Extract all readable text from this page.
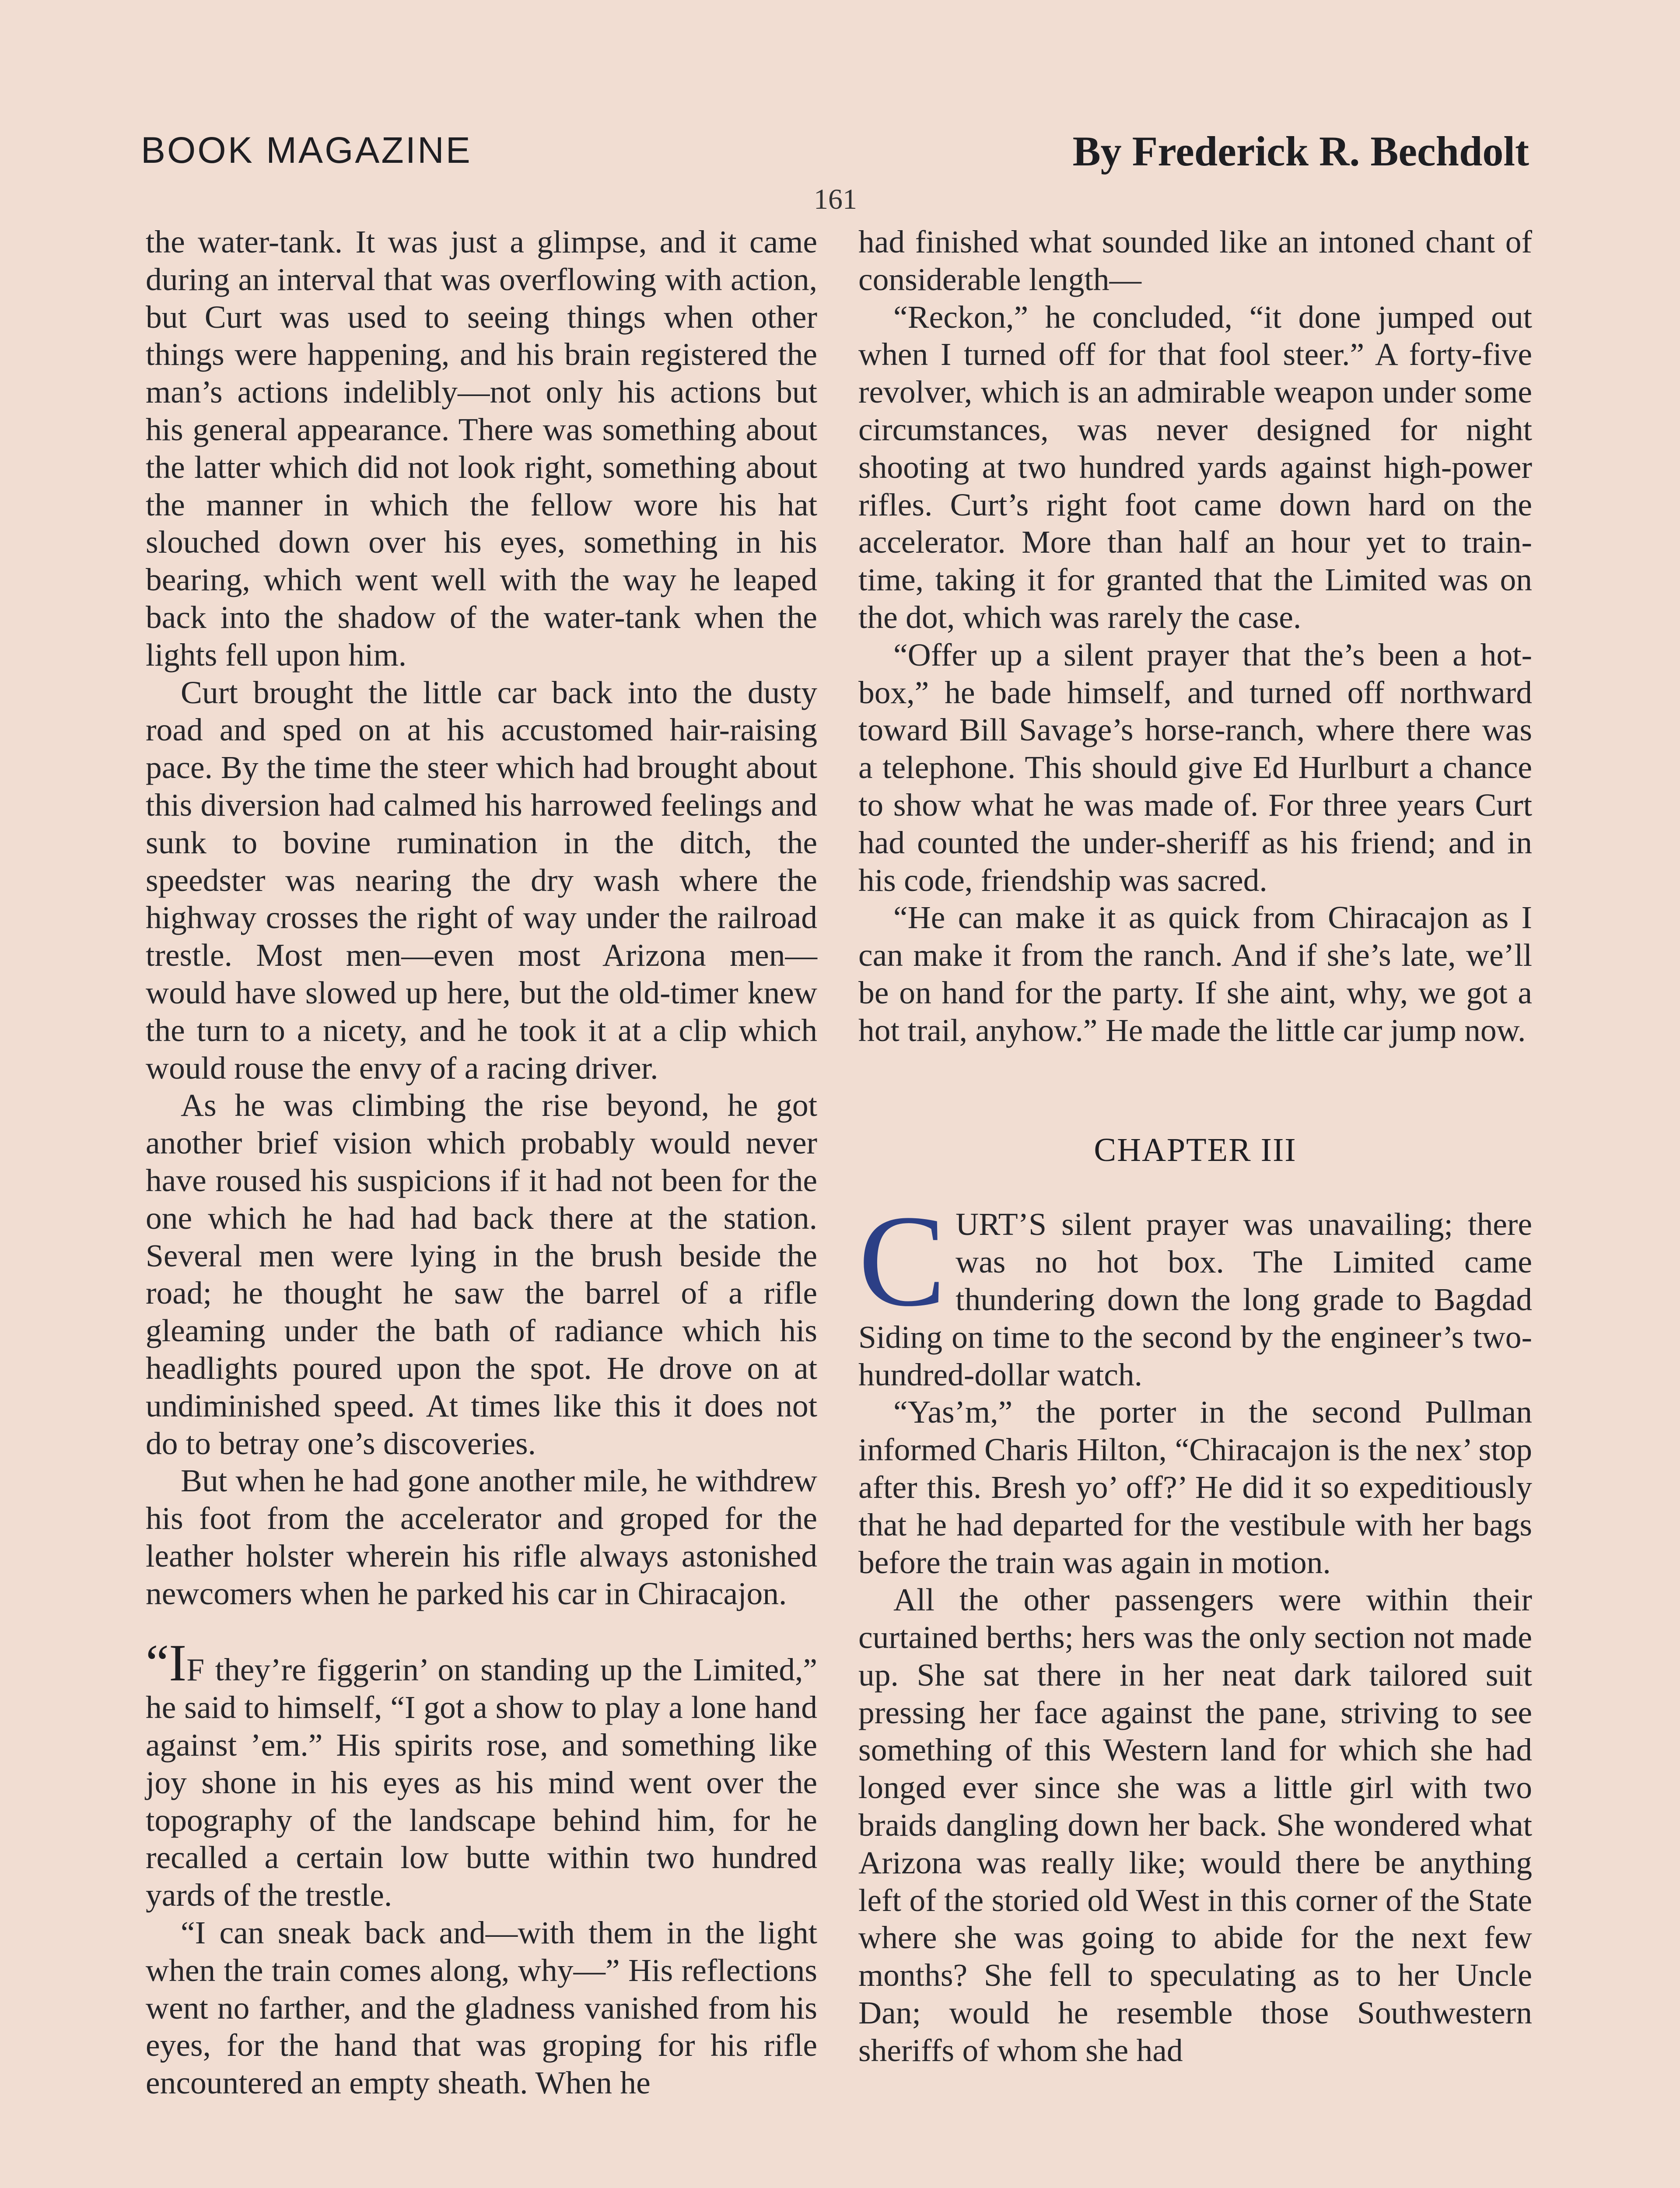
BOOK MAGAZINE	By Frederick R. Bechdolt
161

the water-tank. It was just a glimpse, and it came during an interval that was overflowing with action, but Curt was used to seeing things when other things were happening, and his brain registered the man’s actions indelibly—not only his actions but his general appearance. There was something about the latter which did not look right, something about the manner in which the fellow wore his hat slouched down over his eyes, something in his bearing, which went well with the way he leaped back into the shadow of the water-tank when the lights fell upon him.

Curt brought the little car back into the dusty road and sped on at his accustomed hair-raising pace. By the time the steer which had brought about this diversion had calmed his harrowed feelings and sunk to bovine rumination in the ditch, the speedster was nearing the dry wash where the highway crosses the right of way under the railroad trestle. Most men—even most Arizona men—would have slowed up here, but the old-timer knew the turn to a nicety, and he took it at a clip which would rouse the envy of a racing driver.

As he was climbing the rise beyond, he got another brief vision which probably would never have roused his suspicions if it had not been for the one which he had had back there at the station. Several men were lying in the brush beside the road; he thought he saw the barrel of a rifle gleaming under the bath of radiance which his headlights poured upon the spot. He drove on at undiminished speed. At times like this it does not do to betray one’s discoveries.

But when he had gone another mile, he withdrew his foot from the accelerator and groped for the leather holster wherein his rifle always astonished newcomers when he parked his car in Chiracajon.

“IF they’re figgerin’ on standing up the Limited,” he said to himself, “I got a show to play a lone hand against ’em.” His spirits rose, and something like joy shone in his eyes as his mind went over the topography of the landscape behind him, for he recalled a certain low butte within two hundred yards of the trestle.

“I can sneak back and—with them in the light when the train comes along, why—” His reflections went no farther, and the gladness vanished from his eyes, for the hand that was groping for his rifle encountered an empty sheath. When he

had finished what sounded like an intoned chant of considerable length—

“Reckon,” he concluded, “it done jumped out when I turned off for that fool steer.” A forty-five revolver, which is an admirable weapon under some circumstances, was never designed for night shooting at two hundred yards against high-power rifles. Curt’s right foot came down hard on the accelerator. More than half an hour yet to train-time, taking it for granted that the Limited was on the dot, which was rarely the case.

“Offer up a silent prayer that the’s been a hot-box,” he bade himself, and turned off northward toward Bill Savage’s horse-ranch, where there was a telephone. This should give Ed Hurlburt a chance to show what he was made of. For three years Curt had counted the under-sheriff as his friend; and in his code, friendship was sacred.

“He can make it as quick from Chiracajon as I can make it from the ranch. And if she’s late, we’ll be on hand for the party. If she aint, why, we got a hot trail, anyhow.” He made the little car jump now.

CHAPTER III
C URT’S silent prayer was unavailing; there was no hot box. The Limited came thundering down the long grade to Bagdad Siding on time to the second by the engineer’s two-hundred-dollar watch.

“Yas’m,” the porter in the second Pullman informed Charis Hilton, “Chiracajon is the nex’ stop after this. Bresh yo’ off?’ He did it so expeditiously that he had departed for the vestibule with her bags before the train was again in motion.

All the other passengers were within their curtained berths; hers was the only section not made up. She sat there in her neat dark tailored suit pressing her face against the pane, striving to see something of this Western land for which she had longed ever since she was a little girl with two braids dangling down her back. She wondered what Arizona was really like; would there be anything left of the storied old West in this corner of the State where she was going to abide for the next few months? She fell to speculating as to her Uncle Dan; would he resemble those Southwestern sheriffs of whom she had
